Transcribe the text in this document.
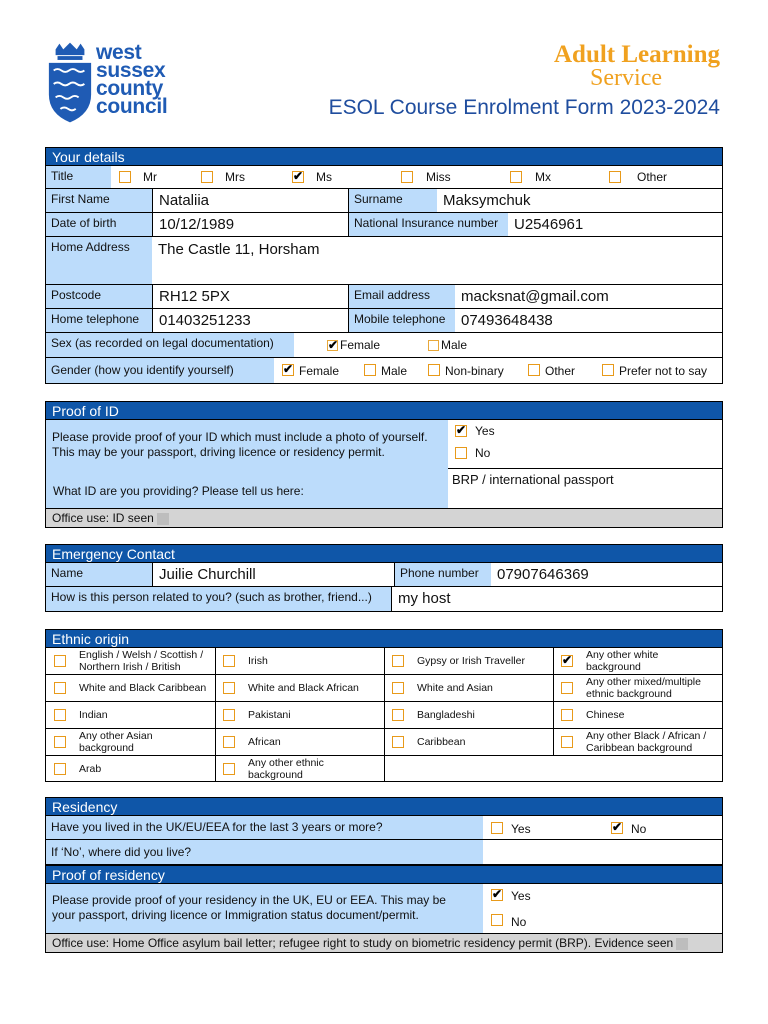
west
sussex
county
council
Adult Learning
Service
ESOL Course Enrolment Form 2023-2024
Your details
Title	Mr	Mrs	✔ Ms	Miss	Mx	Other
First Name	Nataliia	Surname	Maksymchuk
Date of birth	10/12/1989	National Insurance number	U2546961
Home Address	The Castle 11, Horsham
Postcode	RH12 5PX	Email address	macksnat@gmail.com
Home telephone	01403251233	Mobile telephone	07493648438
Sex (as recorded on legal documentation)	✔ Female	Male
Gender (how you identify yourself)	✔ Female	Male	Non-binary	Other	Prefer not to say
Proof of ID
Please provide proof of your ID which must include a photo of yourself.
This may be your passport, driving licence or residency permit.
What ID are you providing? Please tell us here:
✔ Yes
No
BRP / international passport
Office use: ID seen
Emergency Contact
Name	Juilie Churchill	Phone number	07907646369
How is this person related to you? (such as brother, friend...)	my host
Ethnic origin
English / Welsh / Scottish / Northern Irish / British	Irish	Gypsy or Irish Traveller	✔ Any other white background
White and Black Caribbean	White and Black African	White and Asian	Any other mixed/multiple ethnic background
Indian	Pakistani	Bangladeshi	Chinese
Any other Asian background	African	Caribbean	Any other Black / African / Caribbean background
Arab	Any other ethnic background
Residency
Have you lived in the UK/EU/EEA for the last 3 years or more?	Yes	✔ No
If ‘No’, where did you live?
Proof of residency
Please provide proof of your residency in the UK, EU or EEA. This may be
your passport, driving licence or Immigration status document/permit.
✔ Yes
No
Office use: Home Office asylum bail letter; refugee right to study on biometric residency permit (BRP). Evidence seen
